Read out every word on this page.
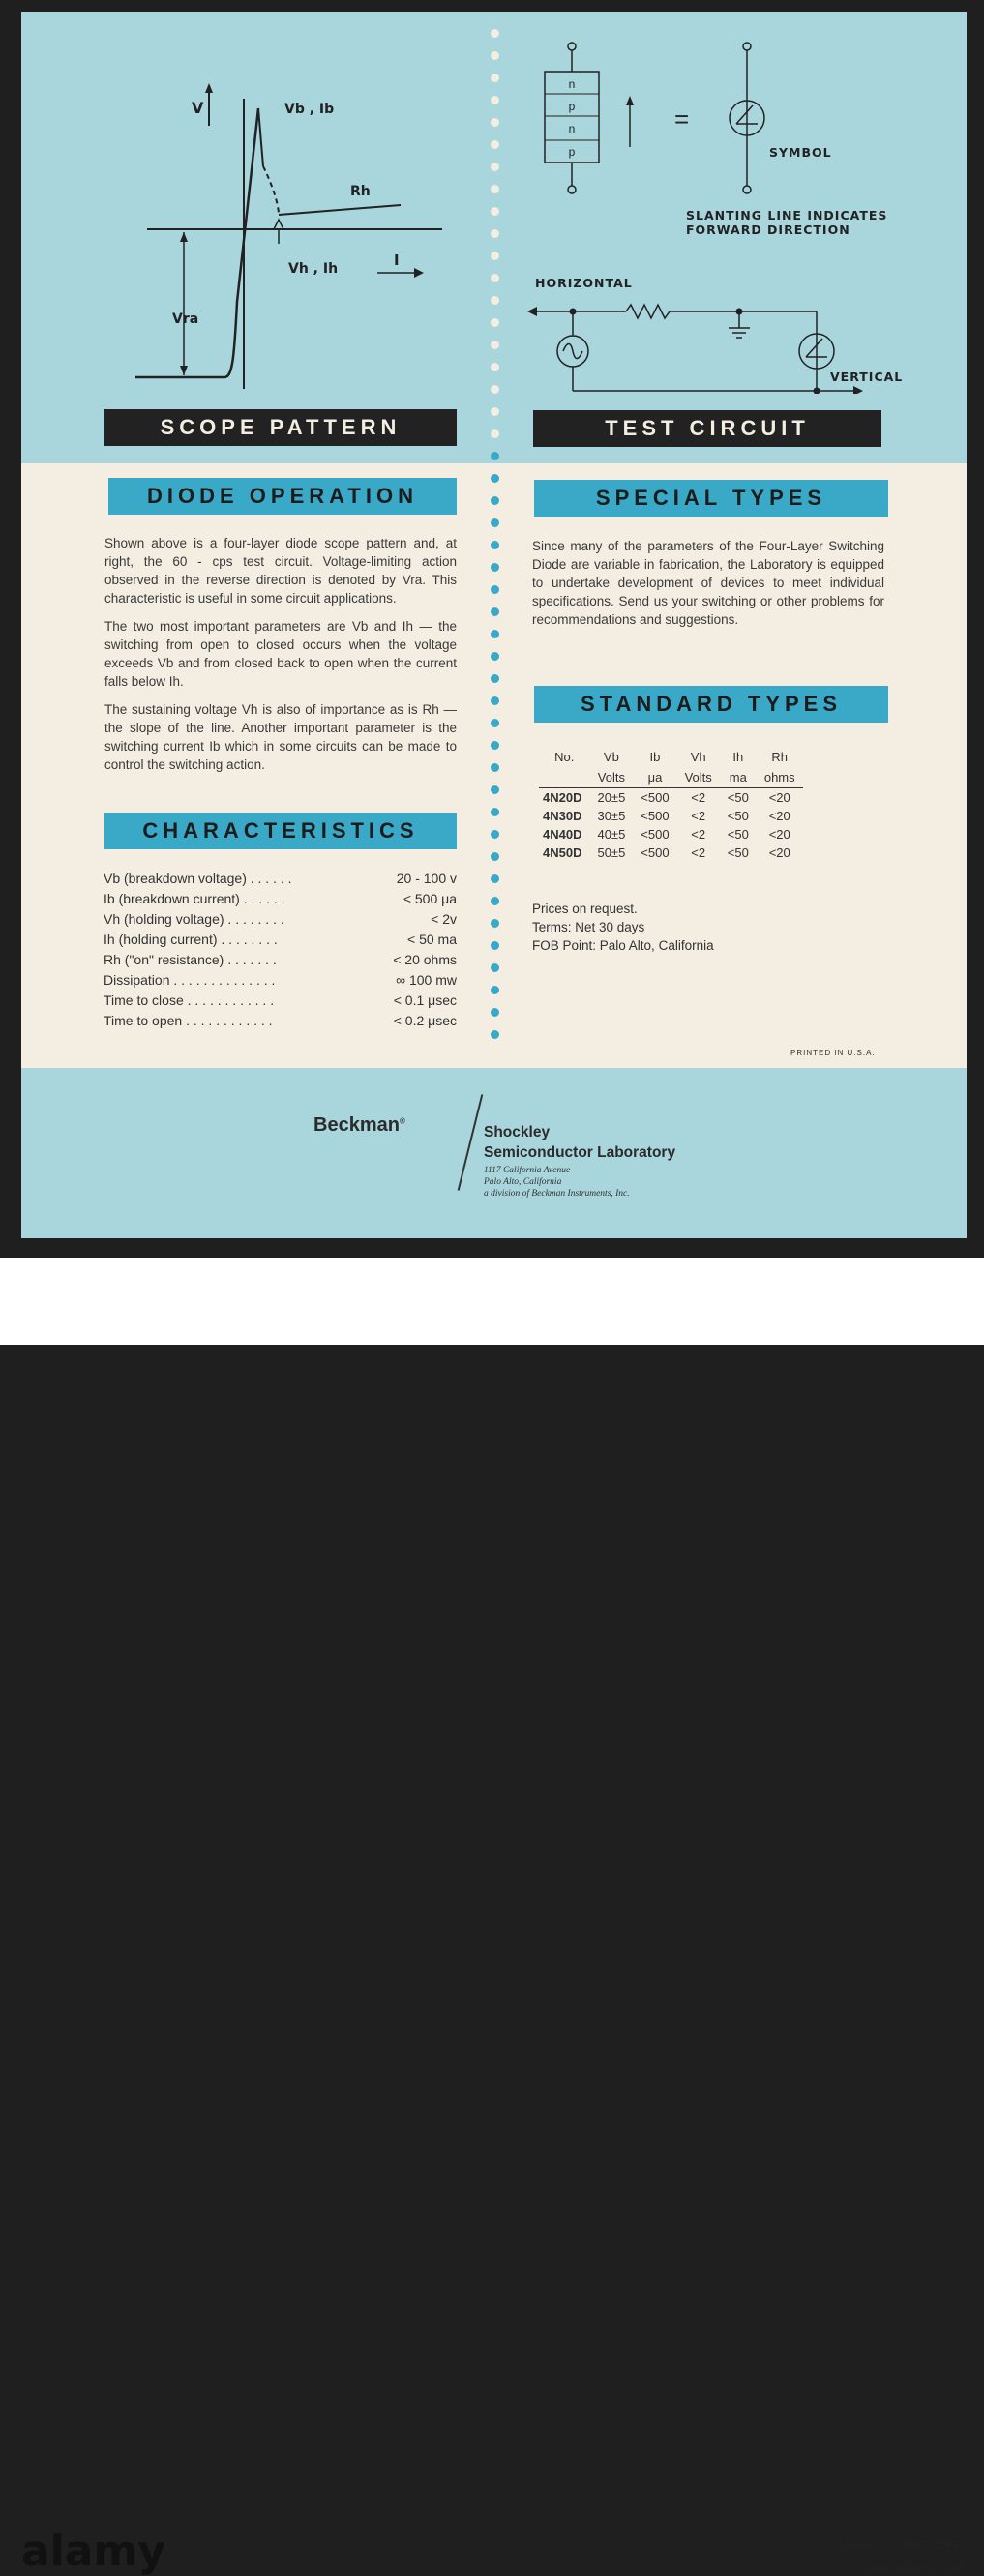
V	Vb , Ib
Rh
Vh , Ih	I
Vra
SCOPE PATTERN
n
p
n
p
=
SYMBOL
SLANTING LINE INDICATES
FORWARD DIRECTION
HORIZONTAL
VERTICAL
TEST CIRCUIT
DIODE OPERATION

Shown above is a four-layer diode scope pattern and, at right, the 60 - cps test circuit. Voltage-limiting action observed in the reverse direction is denoted by Vra. This characteristic is useful in some circuit applications.

The two most important parameters are Vb and Ih — the switching from open to closed occurs when the voltage exceeds Vb and from closed back to open when the current falls below Ih.

The sustaining voltage Vh is also of importance as is Rh — the slope of the line. Another important parameter is the switching current Ib which in some circuits can be made to control the switching action.

CHARACTERISTICS
Vb (breakdown voltage) . . . . . .	20 - 100 v
Ib (breakdown current) . . . . . .	< 500 μa
Vh (holding voltage) . . . . . . . .	< 2v
Ih (holding current) . . . . . . . .	< 50 ma
Rh ("on" resistance) . . . . . . .	< 20 ohms
Dissipation . . . . . . . . . . . . . .	∞ 100 mw
Time to close . . . . . . . . . . . .	< 0.1 μsec
Time to open . . . . . . . . . . . .	< 0.2 μsec
SPECIAL TYPES
Since many of the parameters of the Four-Layer Switching Diode are variable in fabrication, the Laboratory is equipped to undertake development of devices to meet individual specifications. Send us your switching or other problems for recommendations and suggestions.
STANDARD TYPES
No.	Vb	Ib	Vh	Ih	Rh
	Volts	μa	Volts	ma	ohms
4N20D	20±5	<500	<2	<50	<20
4N30D	30±5	<500	<2	<50	<20
4N40D	40±5	<500	<2	<50	<20
4N50D	50±5	<500	<2	<50	<20
Prices on request.
Terms: Net 30 days
FOB Point: Palo Alto, California
PRINTED IN U.S.A.
Beckman®
Shockley
Semiconductor Laboratory
1117 California Avenue
Palo Alto, California
a division of Beckman Instruments, Inc.
alamy	Image ID: 3BG5DFF
www.alamy.com
